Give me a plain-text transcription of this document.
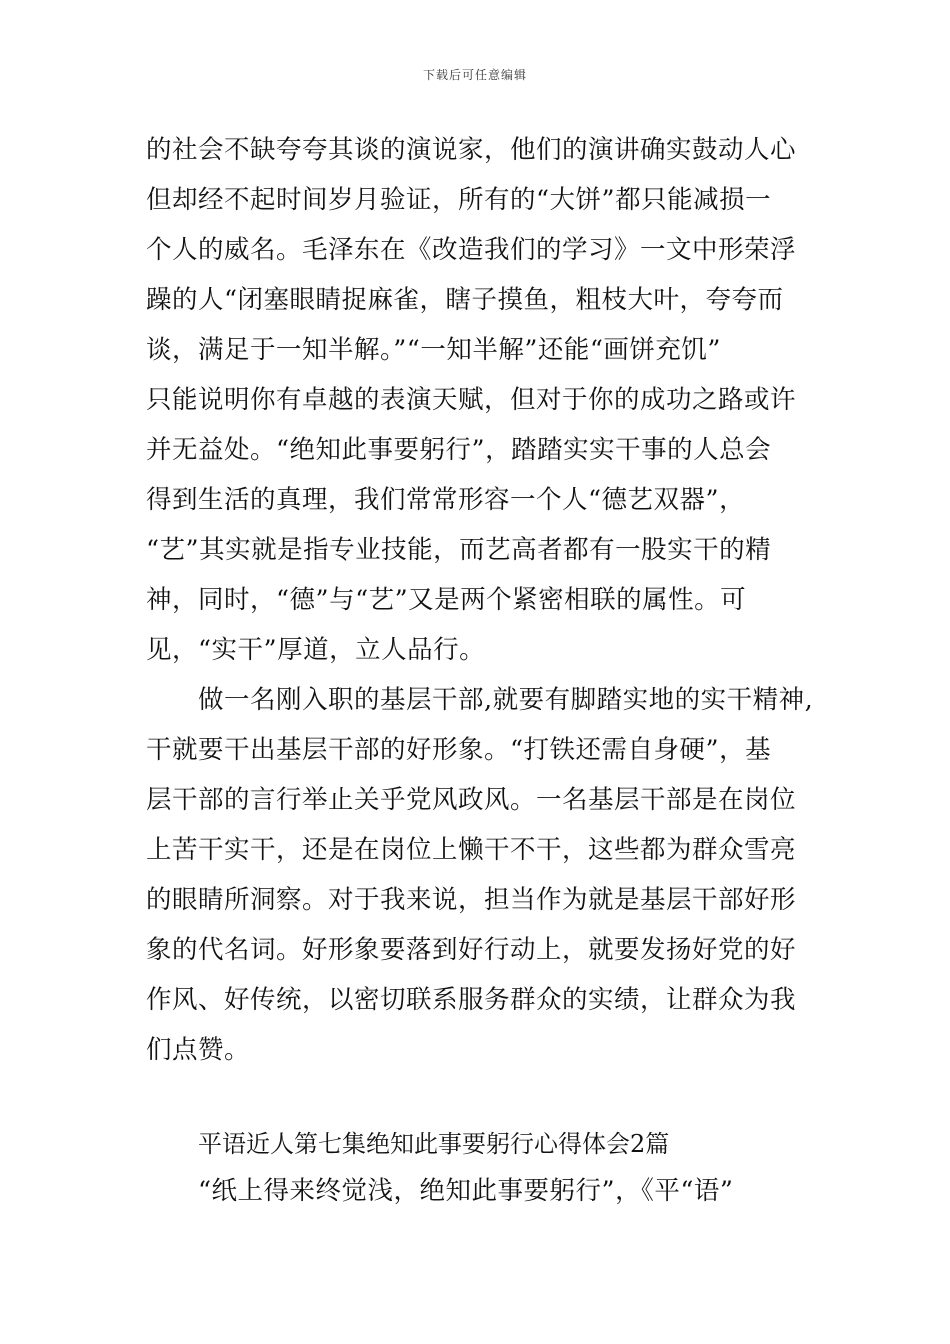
下载后可任意编辑
的社会不缺夸夸其谈的演说家，他们的演讲确实鼓动人心
但却经不起时间岁月验证，所有的“大饼”都只能减损一
个人的威名。毛泽东在《改造我们的学习》一文中形荣浮
躁的人“闭塞眼睛捉麻雀，瞎子摸鱼，粗枝大叶，夸夸而
谈，满足于一知半解。”“一知半解”还能“画饼充饥”
只能说明你有卓越的表演天赋，但对于你的成功之路或许
并无益处。“绝知此事要躬行”，踏踏实实干事的人总会
得到生活的真理，我们常常形容一个人“德艺双器”，
“艺”其实就是指专业技能，而艺高者都有一股实干的精
神，同时，“德”与“艺”又是两个紧密相联的属性。可
见，“实干”厚道，立人品行。
做一名刚入职的基层干部,就要有脚踏实地的实干精神,
干就要干出基层干部的好形象。“打铁还需自身硬”，基
层干部的言行举止关乎党风政风。一名基层干部是在岗位
上苦干实干，还是在岗位上懒干不干，这些都为群众雪亮
的眼睛所洞察。对于我来说，担当作为就是基层干部好形
象的代名词。好形象要落到好行动上，就要发扬好党的好
作风、好传统，以密切联系服务群众的实绩，让群众为我
们点赞。
平语近人第七集绝知此事要躬行心得体会2篇
“纸上得来终觉浅，绝知此事要躬行”，《平“语”
